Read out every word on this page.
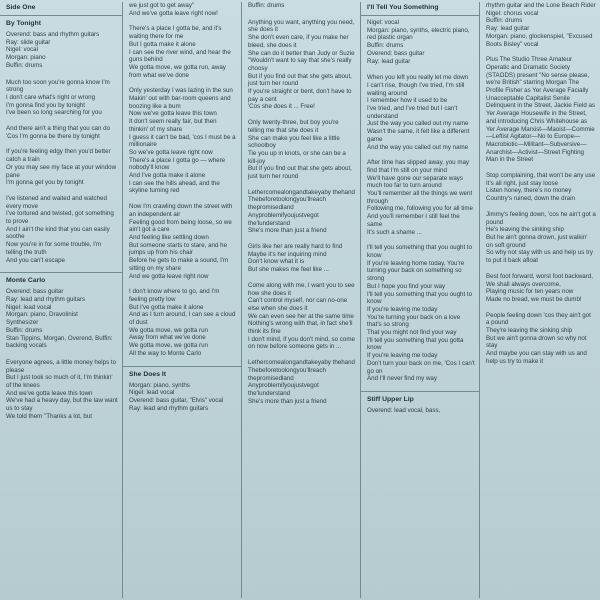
Side One
By Tonight
Overend: bass and rhythm guitars
Ray: slide guitar
Nigel: vocal
Morgan: piano
Buffin: drums

Much too soon you're gonna know I'm strong
I don't care what's right or wrong
I'm gonna find you by tonight
I've been so long searching for you

And there ain't a thing that you can do
'Cos I'm gonna be there by tonight

If you're feeling edgy then you'd better catch a train
Or you may see my face at your window pane
I'm gonna get you by tonight

I've listened and waited and watched every move
I've tortured and twisted, got something to prove
And I ain't the kind that you can easily soothe
Now you're in for some trouble, I'm telling the truth
And you can't escape

Monte Carlo
Overend: bass guitar
Ray: lead and rhythm guitars
Nigel: lead vocal
Morgan: piano, Dravolinist
Synthesizer
Buffin: drums
Stan Tippins, Morgan, Overend, Buffin: backing vocals

Everyone agrees, a little money helps to please
But I just took so much of it, I'm thinkin' of the knees
And we've gotta leave this town
We've had a heavy day, but the law want us to stay
We told them "Thanks a lot, but

we just got to get away"
And we've gotta leave right now!

There's a place I gotta be, and it's waiting there for me
But I gotta make it alone
I can see the river wind, and hear the guns behind
We gotta move, we gotta run, away from what we've done

Only yesterday I was lazing in the sun
Makin' out with bar-room queens and boozing like a bum
Now we've gotta leave this town
It don't seem really fair, but then thinkin' of my share
I guess it can't be bad, 'cos I must be a millionaire
So we've gotta leave right now
There's a place I gotta go — where nobody'll know
And I've gotta make it alone
I can see the hills ahead, and the skyline turning red

Now I'm crawling down the street with an independent air
Feeling good from being loose, so we ain't got a care
And feeling like settling down
But someone starts to stare, and he jumps up from his chair
Before he gets to make a sound, I'm sitting on my share
And we gotta leave right now

I don't know where to go, and I'm feeling pretty low
But I've gotta make it alone
And as I turn around, I can see a cloud of dust
We gotta move, we gotta run
Away from what we've done
We gotta move, we gotta run
All the way to Monte Carlo

She Does It
Morgan: piano, synths
Nigel: lead vocal
Overend: bass guitar, "Elvis" vocal
Ray: lead and rhythm guitars
Buffin: drums

Anything you want, anything you need, she does it
She don't even care, if you make her bleed, she does it
She can do it better than Judy or Suzie
"Wouldn't want to say that she's really choosy
But if you find out that she gets about, just turn her round
If you're straight or bent, don't have to pay a cent
'Cos she does it ... Free!

Only twenty-three, but boy you're telling me that she does it
She can make you feel like a little schoolboy
Tie you up in knots, or she can be a kill-joy
But if you find out that she gets about, just turn her round

Lethercomealongandtakeyaby thehand
Thebeforetoolongyou'llreach thepromisedland
Anyproblemifyoujustvegot the'lunderstand
She's more than just a friend

Girls like her are really hard to find
Maybe it's her inquiring mind
Don't know what it is
But she makes me feel like ...

Come along with me, I want you to see how she does it
Can't control myself, nor can no-one else when she does it
We can even see her at the same time
Nothing's wrong with that, in fact she'll think its fine
I don't mind, if you don't mind, so come on now before someone gets in ...

Lethercomealongandtakeyaby thehand
Thebeforetoolongyou'llreach thepromisedland
Anyproblemifyoujustvegot the'lunderstand
She's more than just a friend

I'll Tell You Something
Nigel: vocal
Morgan: piano, synths, electric piano, red plastic organ
Buffin: drums
Overend: bass guitar
Ray: lead guitar

When you left you really let me down
I can't rise, though I've tried, I'm still waiting around
I remember how it used to be
I've tried, and I've tried but I can't understand
Just the way you called out my name
Wasn't the same, it felt like a different game
And the way you called out my name

After time has slipped away, you may find that I'm still on your mind
We'll have gone our separate ways much too far to turn around
You'll remember all the things we went through
Following me, following you for all time
And you'll remember I still feel the same
It's such a shame ...

I'll tell you something that you ought to know
If you're leaving home today, You're turning your back on something so strong
But I hope you find your way
I'll tell you something that you ought to know
If you're leaving me today
You're turning your back on a love that's so strong
That you might not find your way
I'll tell you something that you gotta know
If you're leaving me today
Don't turn your back on me, 'Cos I can't go on
And I'll never find my way

Stiff Upper Lip
Overend: lead vocal, bass,

rhythm guitar and the Lone Beach Rider
Nigel: chorus vocal
Buffin: drums
Ray: lead guitar
Morgan: piano, glockenspiel, "Excused Boots Bisley" vocal

Plus The Studio Three Amateur Operatic and Dramatic Society (STAODS) present "No sense please, we're British" starring Morgan The Profile Fisher as Yer Average Facially Unacceptable Capitalist Senile Delinquent in the Street, Jackie Field as Yer Average Housewife in the Street, and introducing Chris Whitehouse as Yer Average Marxist—Maoist—Commie—Leftist Agitator—No to Europe—Macrobiotic—Militant—Subversive—Anarchist—Activist—Street Fighting Man in the Street

Stop complaining, that won't be any use
It's all right, just stay loose
Listen honey, there's no money
Country's ruined, down the drain

Jimmy's feeling down, 'cos he ain't got a pound
He's leaving the sinking ship
But he ain't gonna drown, just walkin' on soft ground
So why not stay with us and help us try to put it back afloat

Best foot forward, worst foot backward,
We shall always overcome,
Playing music for ten years now
Made no bread, we must be dumb!

People feeling down 'cos they ain't got a pound
They're leaving the sinking ship
But we ain't gonna drown so why not stay
And maybe you can stay with us and help us try to make it
